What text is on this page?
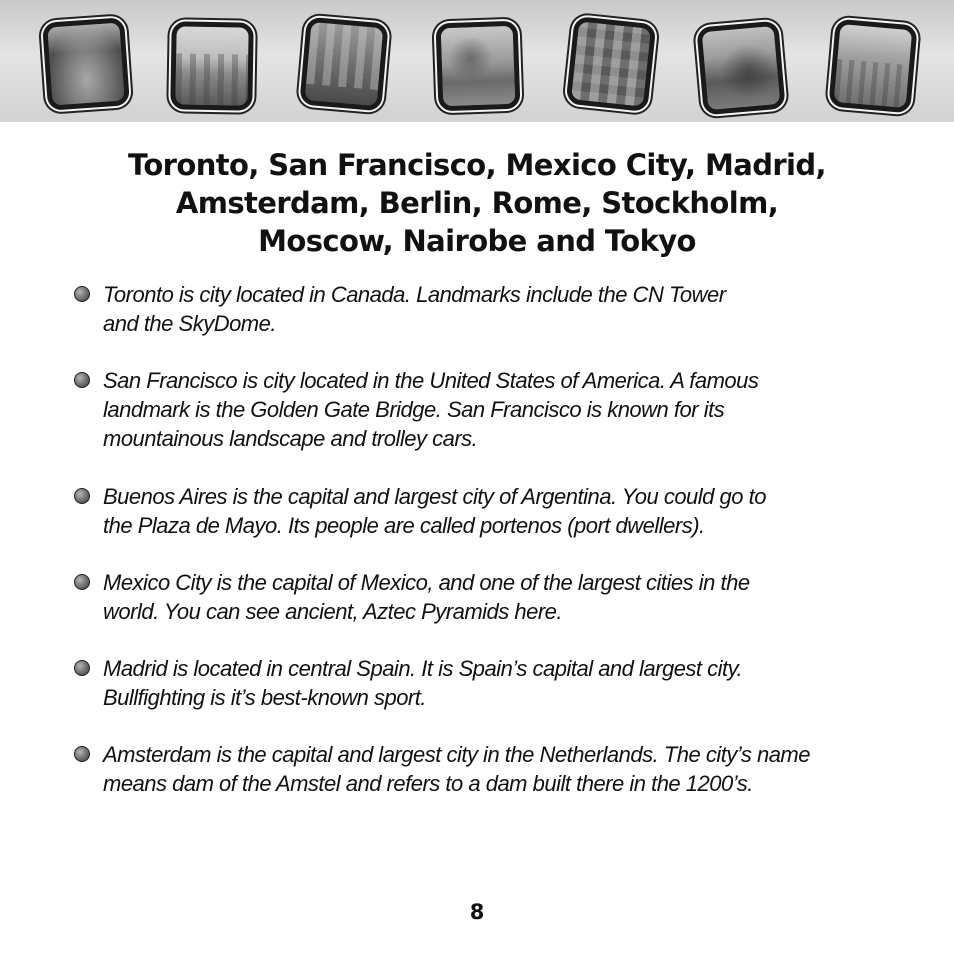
Toronto, San Francisco, Mexico City, Madrid,
Amsterdam, Berlin, Rome, Stockholm,
Moscow, Nairobe and Tokyo
Toronto is city located in Canada. Landmarks include the CN Tower
and the SkyDome.
San Francisco is city located in the United States of America. A famous
landmark is the Golden Gate Bridge. San Francisco is known for its
mountainous landscape and trolley cars.
Buenos Aires is the capital and largest city of Argentina. You could go to
the Plaza de Mayo. Its people are called portenos (port dwellers).
Mexico City is the capital of Mexico, and one of the largest cities in the
world. You can see ancient, Aztec Pyramids here.
Madrid is located in central Spain. It is Spain’s capital and largest city.
Bullfighting is it’s best-known sport.
Amsterdam is the capital and largest city in the Netherlands. The city’s name
means dam of the Amstel and refers to a dam built there in the 1200’s.
8
